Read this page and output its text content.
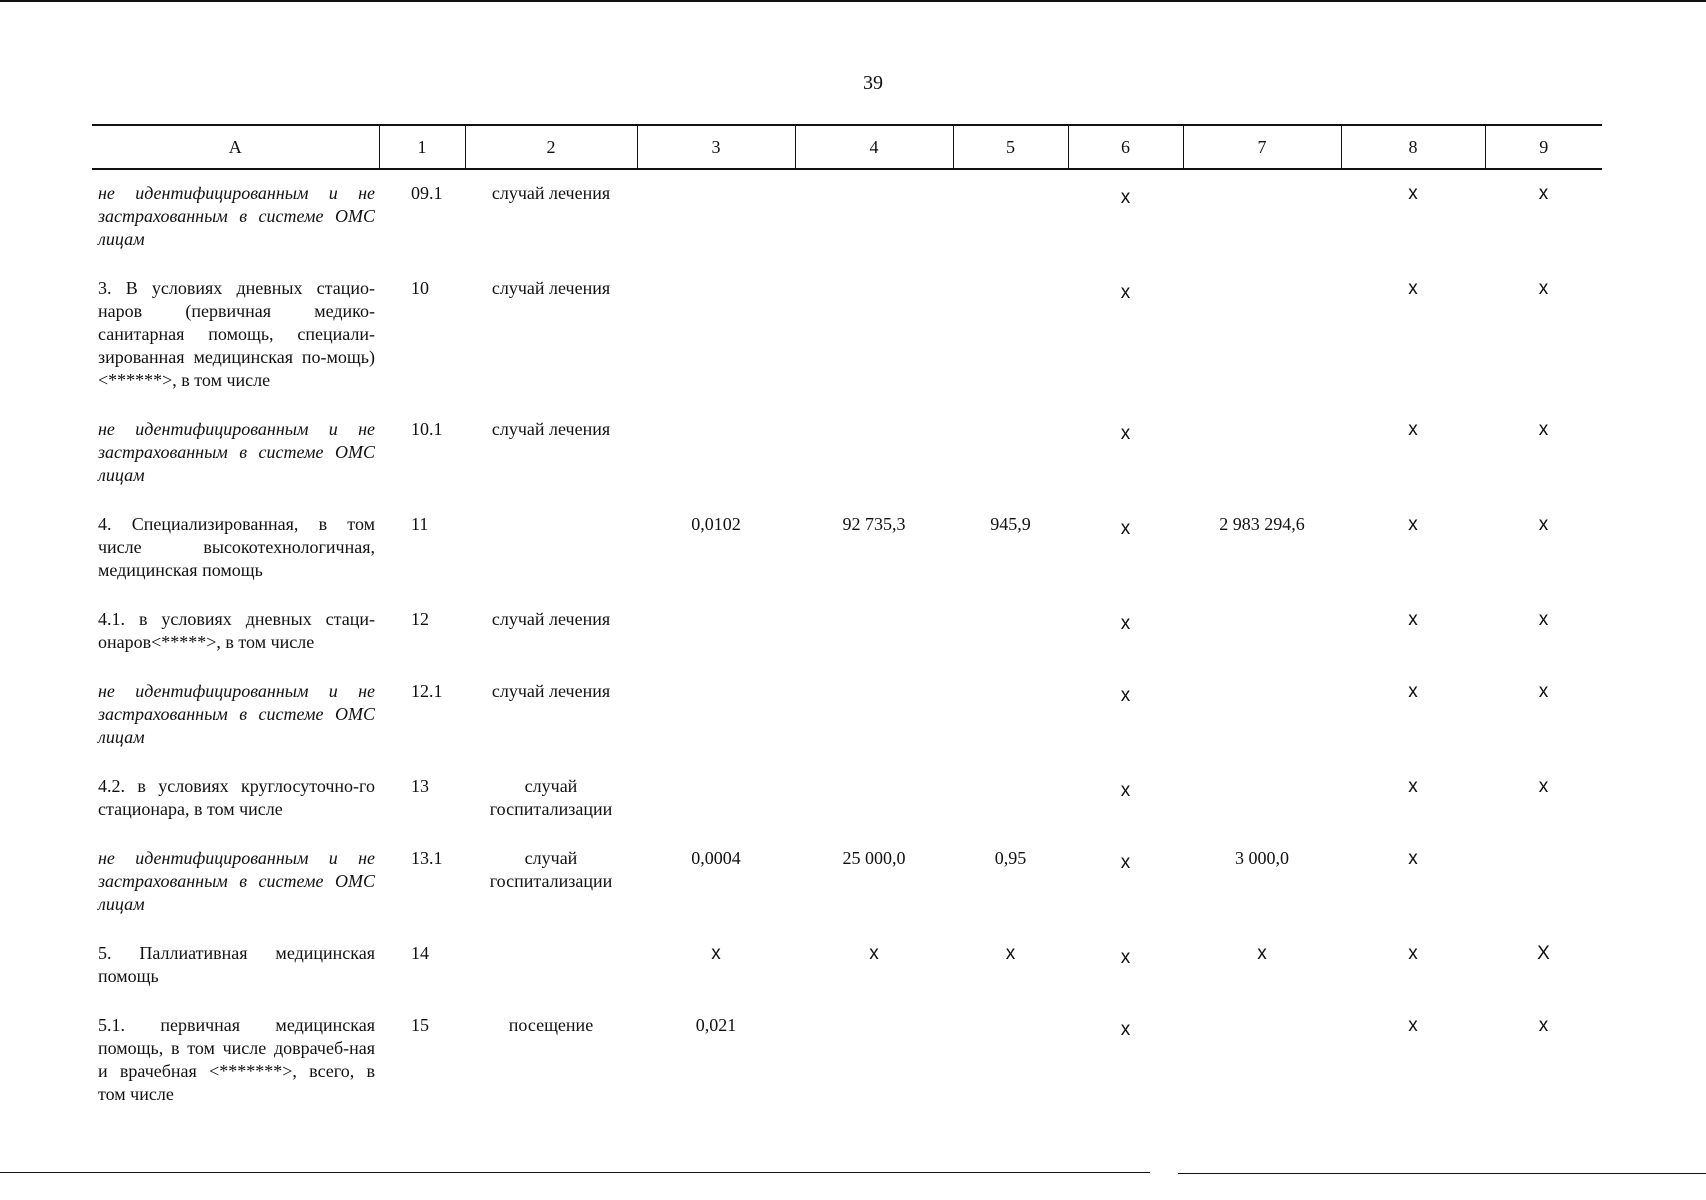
39
А	1	2	3	4	5	6	7	8	9
не идентифицированным и не застрахованным в системе ОМС лицам	09.1	случай лечения				х		х	х
3. В условиях дневных стацио-наров (первичная медико-санитарная помощь, специали-зированная медицинская по-мощь) <******>, в том числе	10	случай лечения				х		х	х
не идентифицированным и не застрахованным в системе ОМС лицам	10.1	случай лечения				х		х	х
4. Специализированная, в том числе высокотехнологичная, медицинская помощь	11		0,0102	92 735,3	945,9	х	2 983 294,6	х	х
4.1. в условиях дневных стаци-онаров<*****>, в том числе	12	случай лечения				х		х	х
не идентифицированным и не застрахованным в системе ОМС лицам	12.1	случай лечения				х		х	х
4.2. в условиях круглосуточно-го стационара, в том числе	13	случай госпитализации				х		х	х
не идентифицированным и не застрахованным в системе ОМС лицам	13.1	случай госпитализации	0,0004	25 000,0	0,95	х	3 000,0	х	
5. Паллиативная медицинская помощь	14		х	х	х	х	х	х	Х
5.1. первичная медицинская помощь, в том числе доврачеб-ная и врачебная <*******>, всего, в том числе	15	посещение	0,021			х		х	х
